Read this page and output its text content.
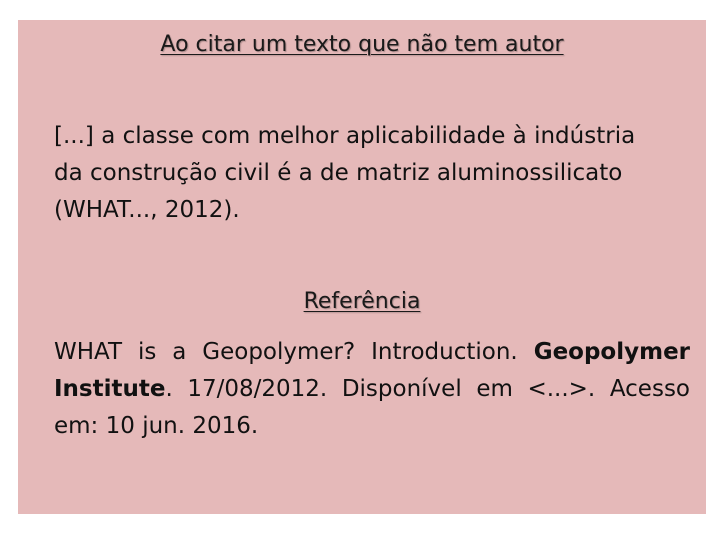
Ao citar um texto que não tem autor

[...] a classe com melhor aplicabilidade à indústria
da construção civil é a de matriz aluminossilicato
(WHAT..., 2012).

Referência

WHAT is a Geopolymer? Introduction. Geopolymer Institute. 17/08/2012. Disponível em <...>. Acesso em: 10 jun. 2016.
